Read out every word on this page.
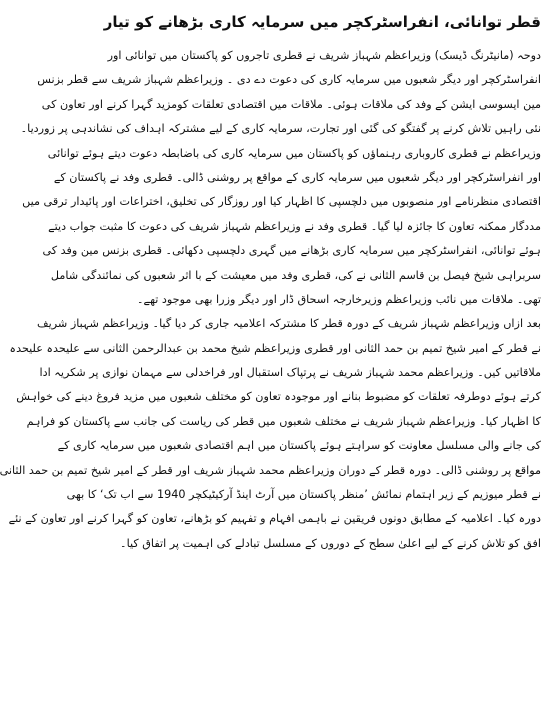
قطر توانائی، انفراسٹرکچر میں سرمایہ کاری بڑھانے کو تیار
دوحہ (مانیٹرنگ ڈیسک) وزیراعظم شہباز شریف نے قطری تاجروں کو پاکستان میں توانائی اور
انفراسٹرکچر اور دیگر شعبوں میں سرمایہ کاری کی دعوت دے دی ۔ وزیراعظم شہباز شریف سے قطر بزنس
مین ایسوسی ایشن کے وفد کی ملاقات ہوئی۔ ملاقات میں اقتصادی تعلقات کومزید گہرا کرنے اور تعاون کی
نئی راہیں تلاش کرنے پر گفتگو کی گئی اور تجارت، سرمایہ کاری کے لیے مشترکہ اہداف کی نشاندہی پر زوردیا۔
وزیراعظم نے قطری کاروباری رہنماؤں کو پاکستان میں سرمایہ کاری کی باضابطہ دعوت دیتے ہوئے توانائی
اور انفراسٹرکچر اور دیگر شعبوں میں سرمایہ کاری کے مواقع پر روشنی ڈالی۔ قطری وفد نے پاکستان کے
اقتصادی منظرنامے اور منصوبوں میں دلچسپی کا اظہار کیا اور روزگار کی تخلیق، اختراعات اور پائیدار ترقی میں
مددگار ممکنہ تعاون کا جائزہ لیا گیا۔ قطری وفد نے وزیراعظم شہباز شریف کی دعوت کا مثبت جواب دیتے
ہوئے توانائی، انفراسٹرکچر میں سرمایہ کاری بڑھانے میں گہری دلچسپی دکھائی۔ قطری بزنس مین وفد کی
سربراہی شیخ فیصل بن قاسم الثانی نے کی، قطری وفد میں معیشت کے با اثر شعبوں کی نمائندگی شامل
تھی۔ ملاقات میں نائب وزیراعظم وزیرخارجہ اسحاق ڈار اور دیگر وزرا بھی موجود تھے۔
بعد ازاں وزیراعظم شہباز شریف کے دورہ قطر کا مشترکہ اعلامیہ جاری کر دیا گیا۔ وزیراعظم شہباز شریف
نے قطر کے امیر شیخ تمیم بن حمد الثانی اور قطری وزیراعظم شیخ محمد بن عبدالرحمن الثانی سے علیحدہ علیحدہ
ملاقاتیں کیں۔ وزیراعظم محمد شہباز شریف نے پرتپاک استقبال اور فراخدلی سے مہمان نوازی پر شکریہ ادا
کرتے ہوئے دوطرفہ تعلقات کو مضبوط بنانے اور موجودہ تعاون کو مختلف شعبوں میں مزید فروغ دینے کی خواہش
کا اظہار کیا۔ وزیراعظم شہباز شریف نے مختلف شعبوں میں قطر کی ریاست کی جانب سے پاکستان کو فراہم
کی جانے والی مسلسل معاونت کو سراہتے ہوئے پاکستان میں اہم اقتصادی شعبوں میں سرمایہ کاری کے
مواقع پر روشنی ڈالی۔ دورہ قطر کے دوران وزیراعظم محمد شہباز شریف اور قطر کے امیر شیخ تمیم بن حمد الثانی
نے قطر میوزیم کے زیر اہتمام نمائش ’منظر پاکستان میں آرٹ اینڈ آرکیٹیکچر 1940 سے اب تک‘ کا بھی
دورہ کیا۔ اعلامیہ کے مطابق دونوں فریقین نے باہمی افہام و تفہیم کو بڑھانے، تعاون کو گہرا کرنے اور تعاون کے نئے
افق کو تلاش کرنے کے لیے اعلیٰ سطح کے دوروں کے مسلسل تبادلے کی اہمیت پر اتفاق کیا۔
